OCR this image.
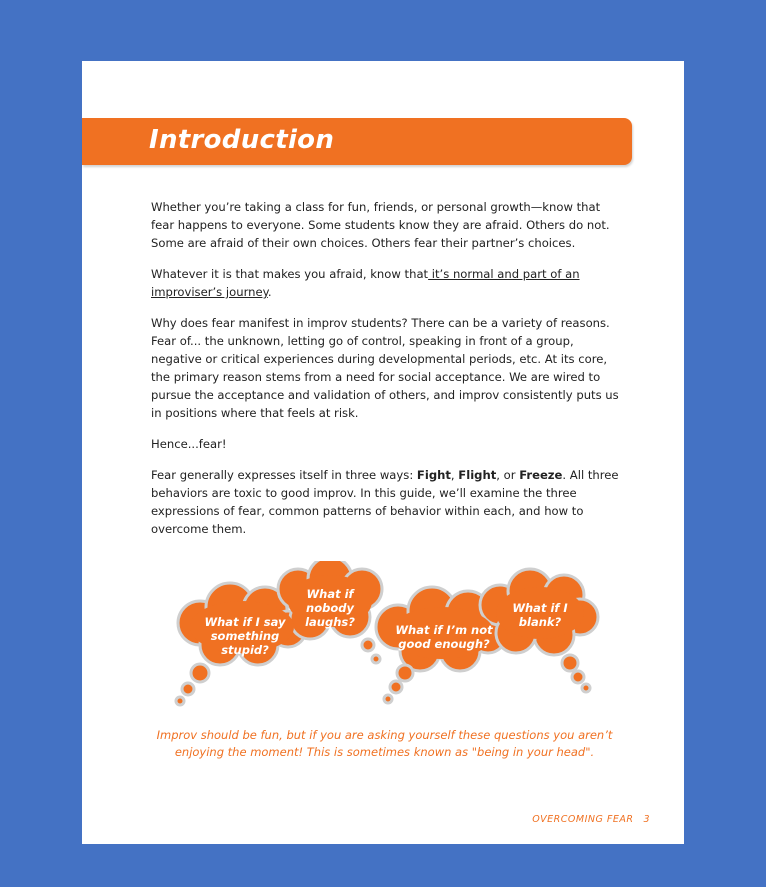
Introduction

Whether you’re taking a class for fun, friends, or personal growth—know that fear happens to everyone. Some students know they are afraid. Others do not. Some are afraid of their own choices. Others fear their partner’s choices.

Whatever it is that makes you afraid, know that it’s normal and part of an improviser’s journey.

Why does fear manifest in improv students? There can be a variety of reasons. Fear of... the unknown, letting go of control, speaking in front of a group, negative or critical experiences during developmental periods, etc. At its core, the primary reason stems from a need for social acceptance. We are wired to pursue the acceptance and validation of others, and improv consistently puts us in positions where that feels at risk.

Hence...fear!

Fear generally expresses itself in three ways: Fight, Flight, or Freeze. All three behaviors are toxic to good improv. In this guide, we’ll examine the three expressions of fear, common patterns of behavior within each, and how to overcome them.

What if I say something stupid?
What if nobody laughs?
What if I’m not good enough?
What if I blank?
Improv should be fun, but if you are asking yourself these questions you aren’t
enjoying the moment! This is sometimes known as "being in your head".
OVERCOMING FEAR 3
